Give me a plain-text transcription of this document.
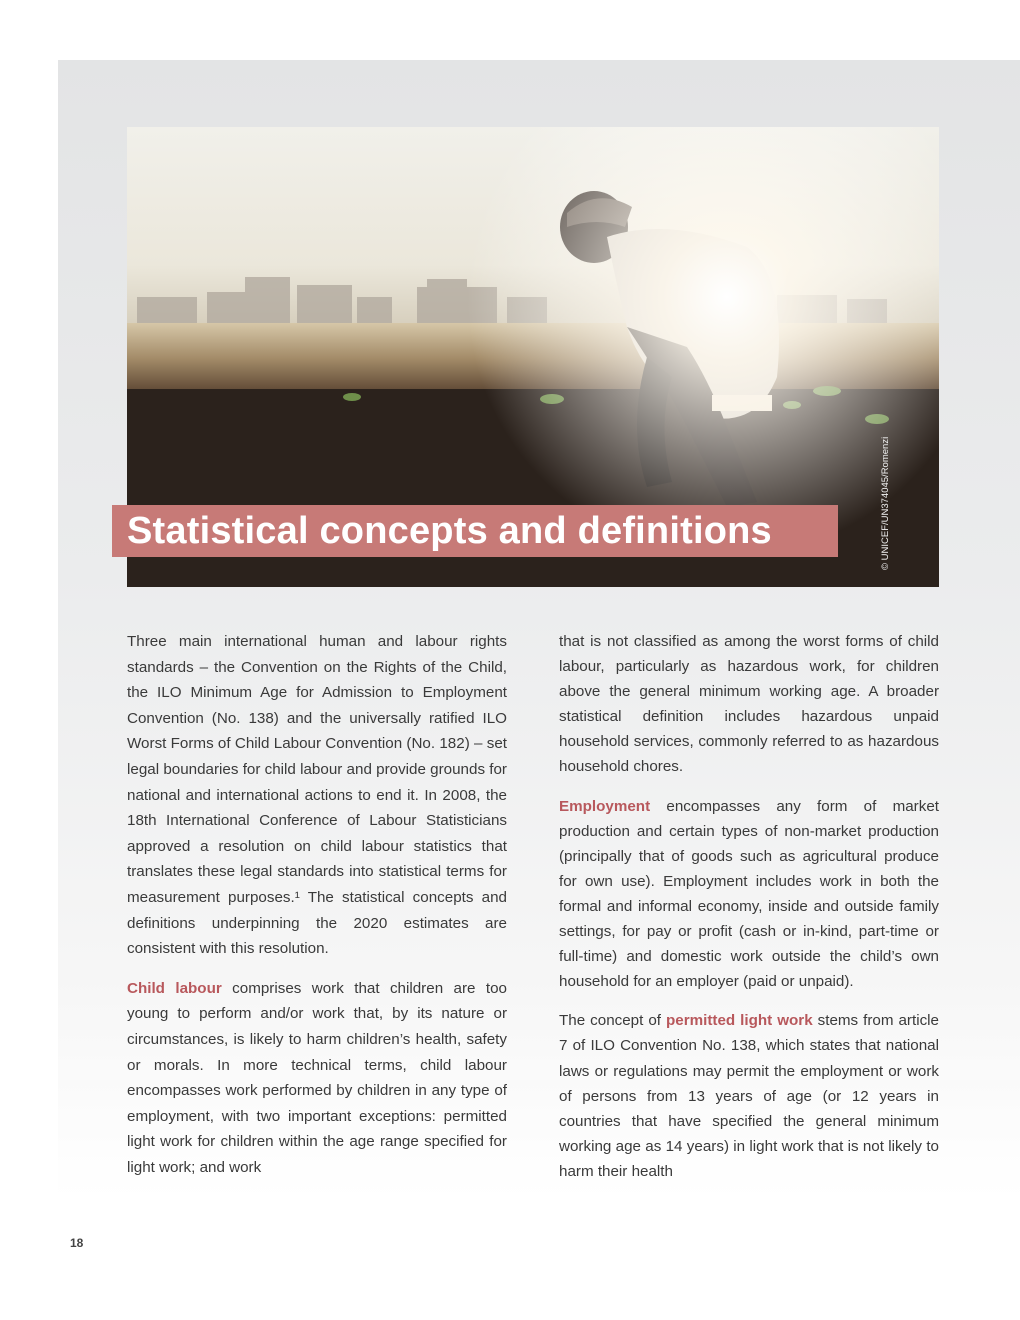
© UNICEF/UN374045/Romenzi
Statistical concepts and definitions

Three main international human and labour rights standards – the Convention on the Rights of the Child, the ILO Minimum Age for Admission to Employment Convention (No. 138) and the universally ratified ILO Worst Forms of Child Labour Convention (No. 182) – set legal boundaries for child labour and provide grounds for national and international actions to end it. In 2008, the 18th International Conference of Labour Statisticians approved a resolution on child labour statistics that translates these legal standards into statistical terms for measurement purposes.¹ The statistical concepts and definitions underpinning the 2020 estimates are consistent with this resolution.

Child labour comprises work that children are too young to perform and/or work that, by its nature or circumstances, is likely to harm children’s health, safety or morals. In more technical terms, child labour encompasses work performed by children in any type of employment, with two important exceptions: permitted light work for children within the age range specified for light work; and work

that is not classified as among the worst forms of child labour, particularly as hazardous work, for children above the general minimum working age. A broader statistical definition includes hazardous unpaid household services, commonly referred to as hazardous household chores.

Employment encompasses any form of market production and certain types of non-market production (principally that of goods such as agricultural produce for own use). Employment includes work in both the formal and informal economy, inside and outside family settings, for pay or profit (cash or in-kind, part-time or full-time) and domestic work outside the child’s own household for an employer (paid or unpaid).

The concept of permitted light work stems from article 7 of ILO Convention No. 138, which states that national laws or regulations may permit the employment or work of persons from 13 years of age (or 12 years in countries that have specified the general minimum working age as 14 years) in light work that is not likely to harm their health

18
